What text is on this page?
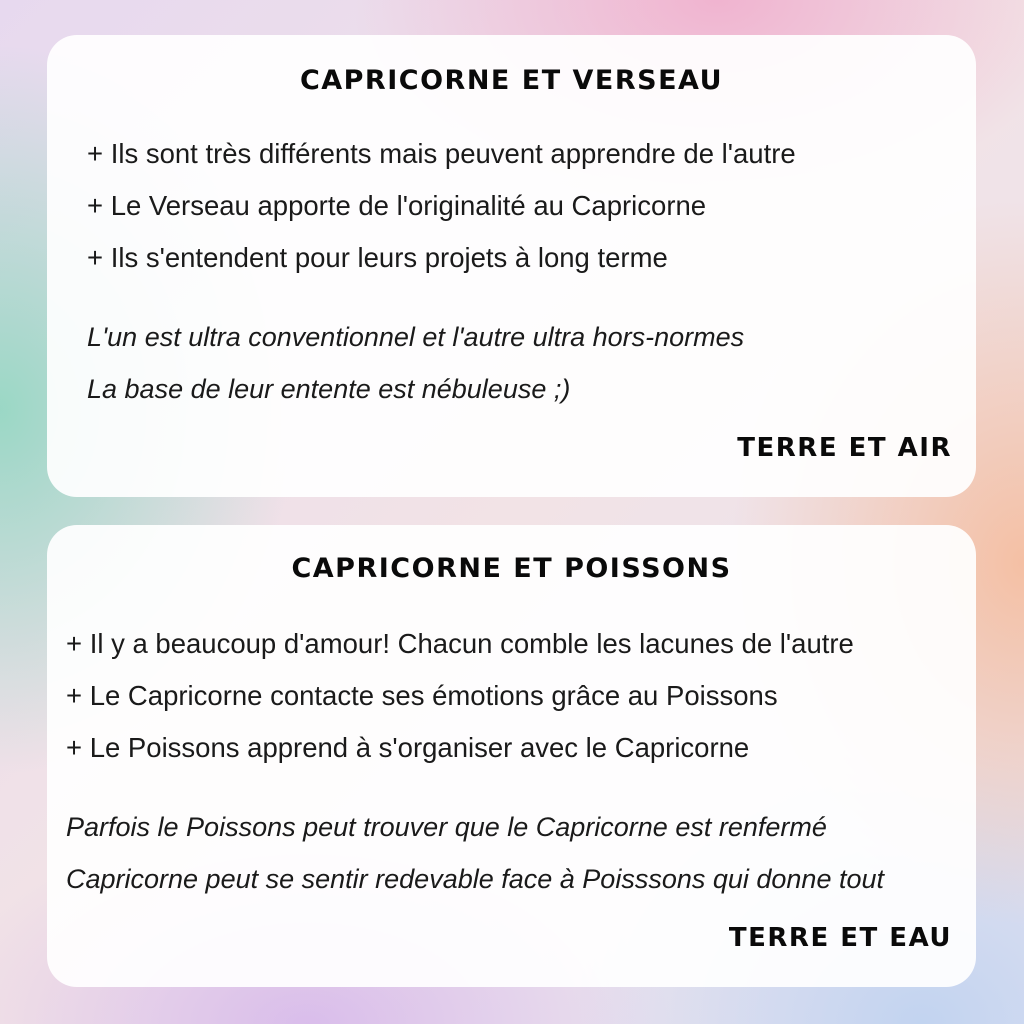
CAPRICORNE ET VERSEAU
+ Ils sont très différents mais peuvent apprendre de l'autre
+ Le Verseau apporte de l'originalité au Capricorne
+ Ils s'entendent pour leurs projets à long terme

L'un est ultra conventionnel et l'autre ultra hors-normes

La base de leur entente est nébuleuse ;)

TERRE ET AIR
CAPRICORNE ET POISSONS
+ Il y a beaucoup d'amour! Chacun comble les lacunes de l'autre
+ Le Capricorne contacte ses émotions grâce au Poissons
+ Le Poissons apprend à s'organiser avec le Capricorne

Parfois le Poissons peut trouver que le Capricorne est renfermé

Capricorne peut se sentir redevable face à Poisssons qui donne tout

TERRE ET EAU
